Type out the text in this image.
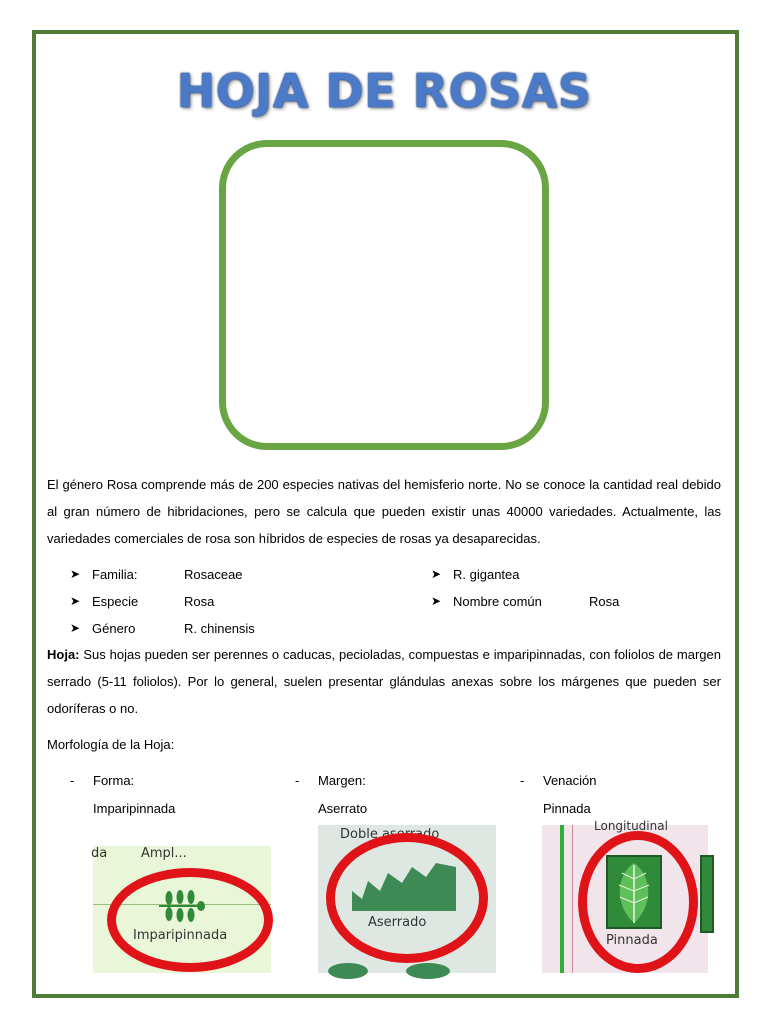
HOJA DE ROSAS

El género Rosa comprende más de 200 especies nativas del hemisferio norte. No se conoce la cantidad real debido al gran número de hibridaciones, pero se calcula que pueden existir unas 40000 variedades. Actualmente, las variedades comerciales de rosa son híbridos de especies de rosas ya desaparecidas.

➤ Familia:	Rosaceae
➤ Especie	Rosa
➤ Género	R. chinensis
➤ R. gigantea
➤ Nombre común	Rosa

Hoja: Sus hojas pueden ser perennes o caducas, pecioladas, compuestas e imparipinnadas, con foliolos de margen serrado (5-11 foliolos). Por lo general, suelen presentar glándulas anexas sobre los márgenes que pueden ser odoríferas o no.

Morfología de la Hoja:

- Forma:
Imparipinnada
- Margen:
Aserrato
- Venación
Pinnada
da	Ampl...
Imparipinnada
Doble aserrado
Aserrado
Longitudinal
Pinnada
